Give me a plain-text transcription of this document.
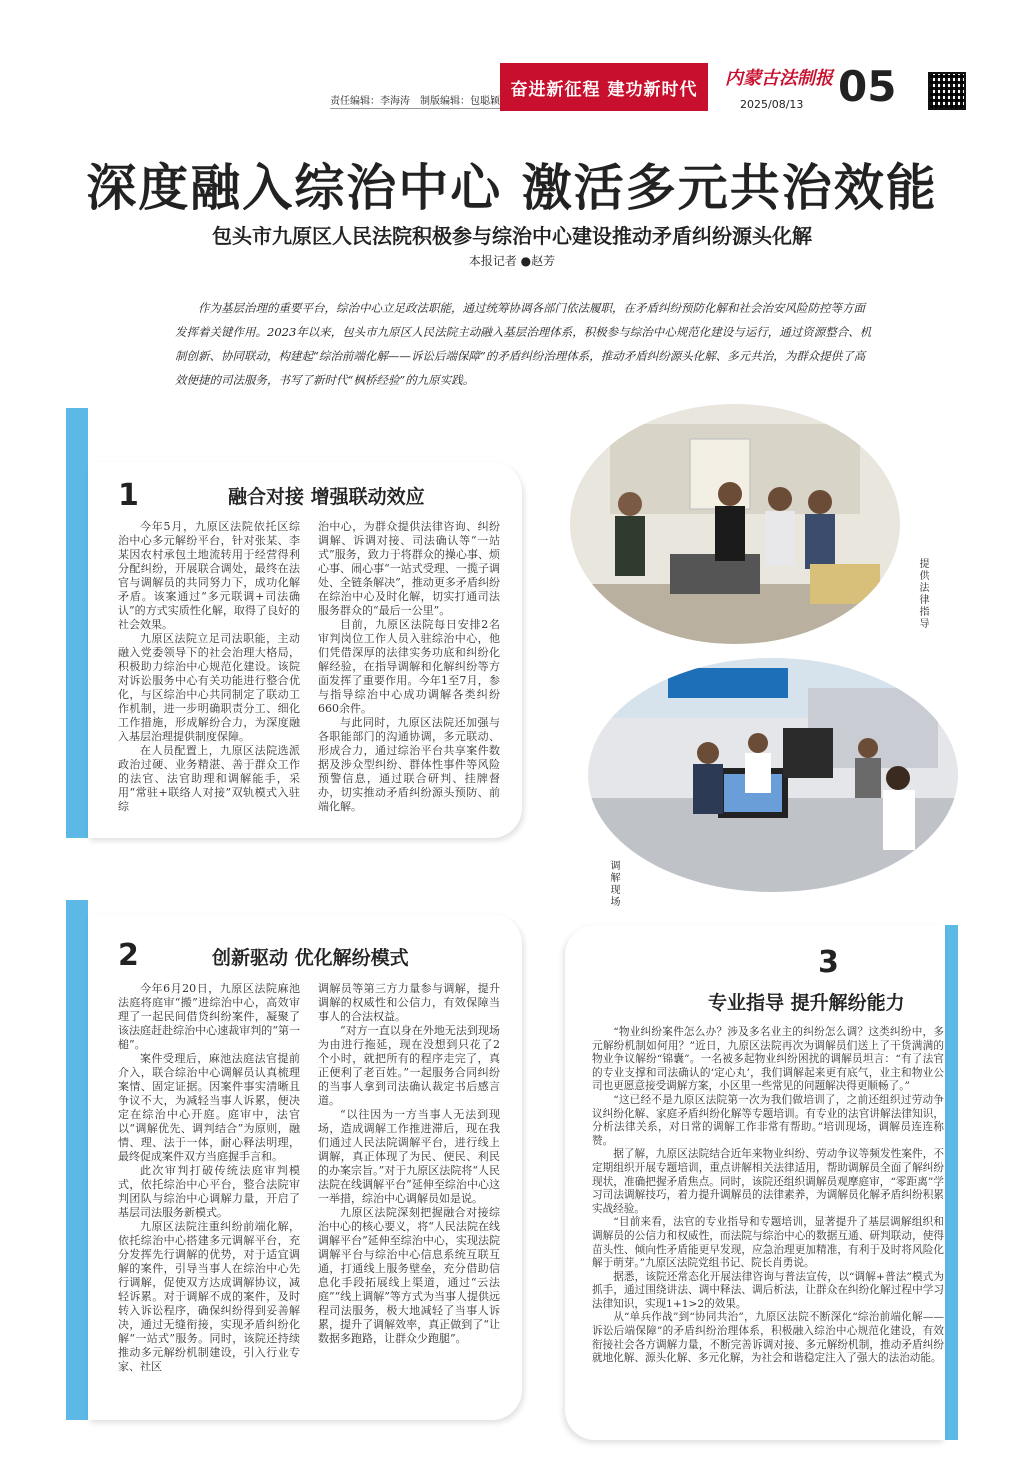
责任编辑：李海涛　制版编辑：包聪颖
奋进新征程 建功新时代
内蒙古法制报
2025/08/13 05
深度融入综治中心 激活多元共治效能
包头市九原区人民法院积极参与综治中心建设推动矛盾纠纷源头化解
本报记者 ●赵芳
作为基层治理的重要平台，综治中心立足政法职能，通过统筹协调各部门依法履职，在矛盾纠纷预防化解和社会治安风险防控等方面发挥着关键作用。2023年以来，包头市九原区人民法院主动融入基层治理体系，积极参与综治中心规范化建设与运行，通过资源整合、机制创新、协同联动，构建起“综治前端化解——诉讼后端保障”的矛盾纠纷治理体系，推动矛盾纠纷源头化解、多元共治，为群众提供了高效便捷的司法服务，书写了新时代“枫桥经验”的九原实践。
1	融合对接 增强联动效应

今年5月，九原区法院依托区综治中心多元解纷平台，针对张某、李某因农村承包土地流转用于经营得利分配纠纷，开展联合调处，最终在法官与调解员的共同努力下，成功化解矛盾。该案通过“多元联调+司法确认”的方式实质性化解，取得了良好的社会效果。

九原区法院立足司法职能，主动融入党委领导下的社会治理大格局，积极助力综治中心规范化建设。该院对诉讼服务中心有关功能进行整合优化，与区综治中心共同制定了联动工作机制，进一步明确职责分工、细化工作措施，形成解纷合力，为深度融入基层治理提供制度保障。

在人员配置上，九原区法院选派政治过硬、业务精湛、善于群众工作的法官、法官助理和调解能手，采用“常驻+联络人对接”双轨模式入驻综

治中心，为群众提供法律咨询、纠纷调解、诉调对接、司法确认等“一站式”服务，致力于将群众的操心事、烦心事、闹心事“一站式受理、一揽子调处、全链条解决”，推动更多矛盾纠纷在综治中心及时化解，切实打通司法服务群众的“最后一公里”。

目前，九原区法院每日安排2名审判岗位工作人员入驻综治中心，他们凭借深厚的法律实务功底和纠纷化解经验，在指导调解和化解纠纷等方面发挥了重要作用。今年1至7月，参与指导综治中心成功调解各类纠纷660余件。

与此同时，九原区法院还加强与各职能部门的沟通协调，多元联动、形成合力，通过综治平台共享案件数据及涉众型纠纷、群体性事件等风险预警信息，通过联合研判、挂牌督办，切实推动矛盾纠纷源头预防、前端化解。

提供法律指导
调解现场
2	创新驱动 优化解纷模式

今年6月20日，九原区法院麻池法庭将庭审“搬”进综治中心，高效审理了一起民间借贷纠纷案件，凝聚了该法庭赶赴综治中心速裁审判的“第一槌”。

案件受理后，麻池法庭法官提前介入，联合综治中心调解员认真梳理案情、固定证据。因案件事实清晰且争议不大，为减轻当事人诉累，便决定在综治中心开庭。庭审中，法官以“调解优先、调判结合”为原则，融情、理、法于一体，耐心释法明理，最终促成案件双方当庭握手言和。

此次审判打破传统法庭审判模式，依托综治中心平台，整合法院审判团队与综治中心调解力量，开启了基层司法服务新模式。

九原区法院注重纠纷前端化解，依托综治中心搭建多元调解平台，充分发挥先行调解的优势，对于适宜调解的案件，引导当事人在综治中心先行调解，促使双方达成调解协议，减轻诉累。对于调解不成的案件，及时转入诉讼程序，确保纠纷得到妥善解决，通过无缝衔接，实现矛盾纠纷化解“一站式”服务。同时，该院还持续推动多元解纷机制建设，引入行业专家、社区

调解员等第三方力量参与调解，提升调解的权威性和公信力，有效保障当事人的合法权益。

“对方一直以身在外地无法到现场为由进行拖延，现在没想到只花了2个小时，就把所有的程序走完了，真正便利了老百姓。”一起服务合同纠纷的当事人拿到司法确认裁定书后感言道。

“以往因为一方当事人无法到现场，造成调解工作推进滞后，现在我们通过人民法院调解平台，进行线上调解，真正体现了为民、便民、利民的办案宗旨。”对于九原区法院将“人民法院在线调解平台”延伸至综治中心这一举措，综治中心调解员如是说。

九原区法院深刻把握融合对接综治中心的核心要义，将“人民法院在线调解平台”延伸至综治中心，实现法院调解平台与综治中心信息系统互联互通，打通线上服务壁垒，充分借助信息化手段拓展线上渠道，通过“云法庭”“线上调解”等方式为当事人提供远程司法服务，极大地减轻了当事人诉累，提升了调解效率，真正做到了“让数据多跑路，让群众少跑腿”。

3
专业指导 提升解纷能力

“物业纠纷案件怎么办？涉及多名业主的纠纷怎么调？这类纠纷中，多元解纷机制如何用？”近日，九原区法院再次为调解员们送上了干货满满的物业争议解纷“锦囊”。一名被多起物业纠纷困扰的调解员坦言：“有了法官的专业支撑和司法确认的‘定心丸’，我们调解起来更有底气，业主和物业公司也更愿意接受调解方案，小区里一些常见的问题解决得更顺畅了。”

“这已经不是九原区法院第一次为我们做培训了，之前还组织过劳动争议纠纷化解、家庭矛盾纠纷化解等专题培训。有专业的法官讲解法律知识，分析法律关系，对日常的调解工作非常有帮助。”培训现场，调解员连连称赞。

据了解，九原区法院结合近年来物业纠纷、劳动争议等频发性案件，不定期组织开展专题培训，重点讲解相关法律适用，帮助调解员全面了解纠纷现状，准确把握矛盾焦点。同时，该院还组织调解员观摩庭审，“零距离”学习司法调解技巧，着力提升调解员的法律素养，为调解员化解矛盾纠纷积累实战经验。

“目前来看，法官的专业指导和专题培训，显著提升了基层调解组织和调解员的公信力和权威性，而法院与综治中心的数据互通、研判联动，使得苗头性、倾向性矛盾能更早发现，应急治理更加精准，有利于及时将风险化解于萌芽。”九原区法院党组书记、院长肖勇说。

据悉，该院还常态化开展法律咨询与普法宣传，以“调解+普法”模式为抓手，通过围绕讲法、调中释法、调后析法，让群众在纠纷化解过程中学习法律知识，实现1+1>2的效果。

从“单兵作战”到“协同共治”，九原区法院不断深化“综治前端化解——诉讼后端保障”的矛盾纠纷治理体系，积极融入综治中心规范化建设，有效衔接社会各方调解力量，不断完善诉调对接、多元解纷机制，推动矛盾纠纷就地化解、源头化解、多元化解，为社会和谐稳定注入了强大的法治动能。
